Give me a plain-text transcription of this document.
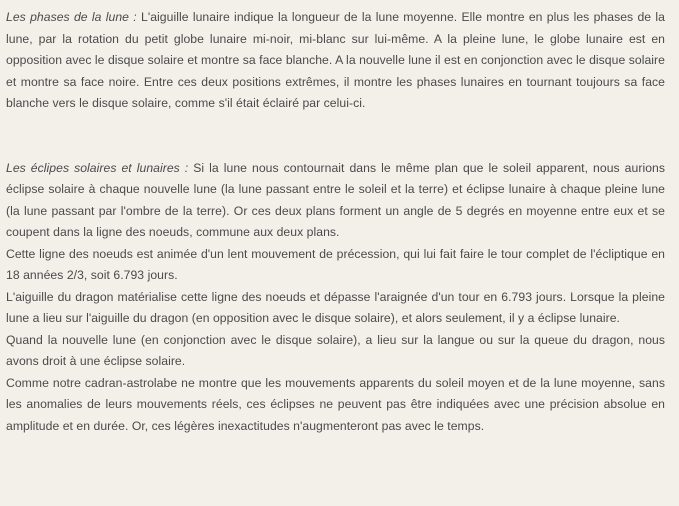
Les phases de la lune : L'aiguille lunaire indique la longueur de la lune moyenne. Elle montre en plus les phases de la lune, par la rotation du petit globe lunaire mi-noir, mi-blanc sur lui-même. A la pleine lune, le globe lunaire est en opposition avec le disque solaire et montre sa face blanche. A la nouvelle lune il est en conjonction avec le disque solaire et montre sa face noire. Entre ces deux positions extrêmes, il montre les phases lunaires en tournant toujours sa face blanche vers le disque solaire, comme s'il était éclairé par celui-ci.

Les éclipes solaires et lunaires : Si la lune nous contournait dans le même plan que le soleil apparent, nous aurions éclipse solaire à chaque nouvelle lune (la lune passant entre le soleil et la terre) et éclipse lunaire à chaque pleine lune (la lune passant par l'ombre de la terre). Or ces deux plans forment un angle de 5 degrés en moyenne entre eux et se coupent dans la ligne des noeuds, commune aux deux plans.

Cette ligne des noeuds est animée d'un lent mouvement de précession, qui lui fait faire le tour complet de l'écliptique en 18 années 2/3, soit 6.793 jours.

L'aiguille du dragon matérialise cette ligne des noeuds et dépasse l'araignée d'un tour en 6.793 jours. Lorsque la pleine lune a lieu sur l'aiguille du dragon (en opposition avec le disque solaire), et alors seulement, il y a éclipse lunaire.

Quand la nouvelle lune (en conjonction avec le disque solaire), a lieu sur la langue ou sur la queue du dragon, nous avons droit à une éclipse solaire.

Comme notre cadran-astrolabe ne montre que les mouvements apparents du soleil moyen et de la lune moyenne, sans les anomalies de leurs mouvements réels, ces éclipses ne peuvent pas être indiquées avec une précision absolue en amplitude et en durée. Or, ces légères inexactitudes n'augmenteront pas avec le temps.
